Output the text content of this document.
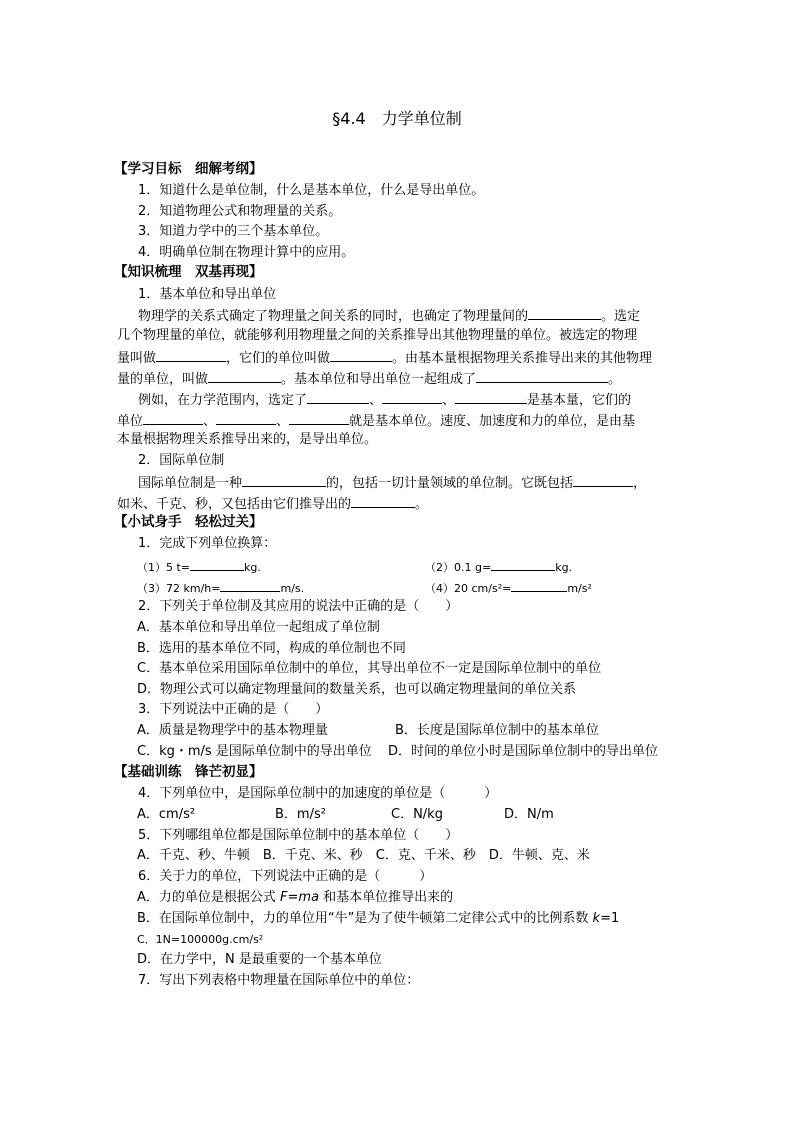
§4.4　力学单位制
【学习目标　细解考纲】
1．知道什么是单位制，什么是基本单位，什么是导出单位。
2．知道物理公式和物理量的关系。
3．知道力学中的三个基本单位。
4．明确单位制在物理计算中的应用。
【知识梳理　双基再现】
1．基本单位和导出单位
物理学的关系式确定了物理量之间关系的同时，也确定了物理量间的	。选定
几个物理量的单位，就能够利用物理量之间的关系推导出其他物理量的单位。被选定的物理
量叫做	，它们的单位叫做	。由基本量根据物理关系推导出来的其他物理
量的单位，叫做	。基本单位和导出单位一起组成了	。
例如，在力学范围内，选定了	、	、	是基本量，它们的
单位	、	、	就是基本单位。速度、加速度和力的单位，是由基
本量根据物理关系推导出来的，是导出单位。
2．国际单位制
国际单位制是一种	的，包括一切计量领域的单位制。它既包括	，
如米、千克、秒，又包括由它们推导出的	。
【小试身手　轻松过关】
1．完成下列单位换算：
（1）5 t=	kg.	（2）0.1 g=	kg.
（3）72 km/h=	m/s.	（4）20 cm/s²=	m/s²
2．下列关于单位制及其应用的说法中正确的是（　　）
A．基本单位和导出单位一起组成了单位制
B．选用的基本单位不同，构成的单位制也不同
C．基本单位采用国际单位制中的单位，其导出单位不一定是国际单位制中的单位
D．物理公式可以确定物理量间的数量关系，也可以确定物理量间的单位关系
3．下列说法中正确的是（　　）
A．质量是物理学中的基本物理量	B．长度是国际单位制中的基本单位
C．kg・m/s 是国际单位制中的导出单位 D．时间的单位小时是国际单位制中的导出单位
【基础训练　锋芒初显】
4．下列单位中，是国际单位制中的加速度的单位是（　　　）
A．cm/s²	B．m/s²	C．N/kg	D．N/m
5．下列哪组单位都是国际单位制中的基本单位（　　）
A．千克、秒、牛顿　B．千克、米、秒　C．克、千米、秒　D．牛顿、克、米
6．关于力的单位，下列说法中正确的是（　　　）
A．力的单位是根据公式 F=ma 和基本单位推导出来的
B．在国际单位制中，力的单位用“牛”是为了使牛顿第二定律公式中的比例系数 k=1
C．1N=100000g.cm/s²
D．在力学中，N 是最重要的一个基本单位
7．写出下列表格中物理量在国际单位中的单位：
